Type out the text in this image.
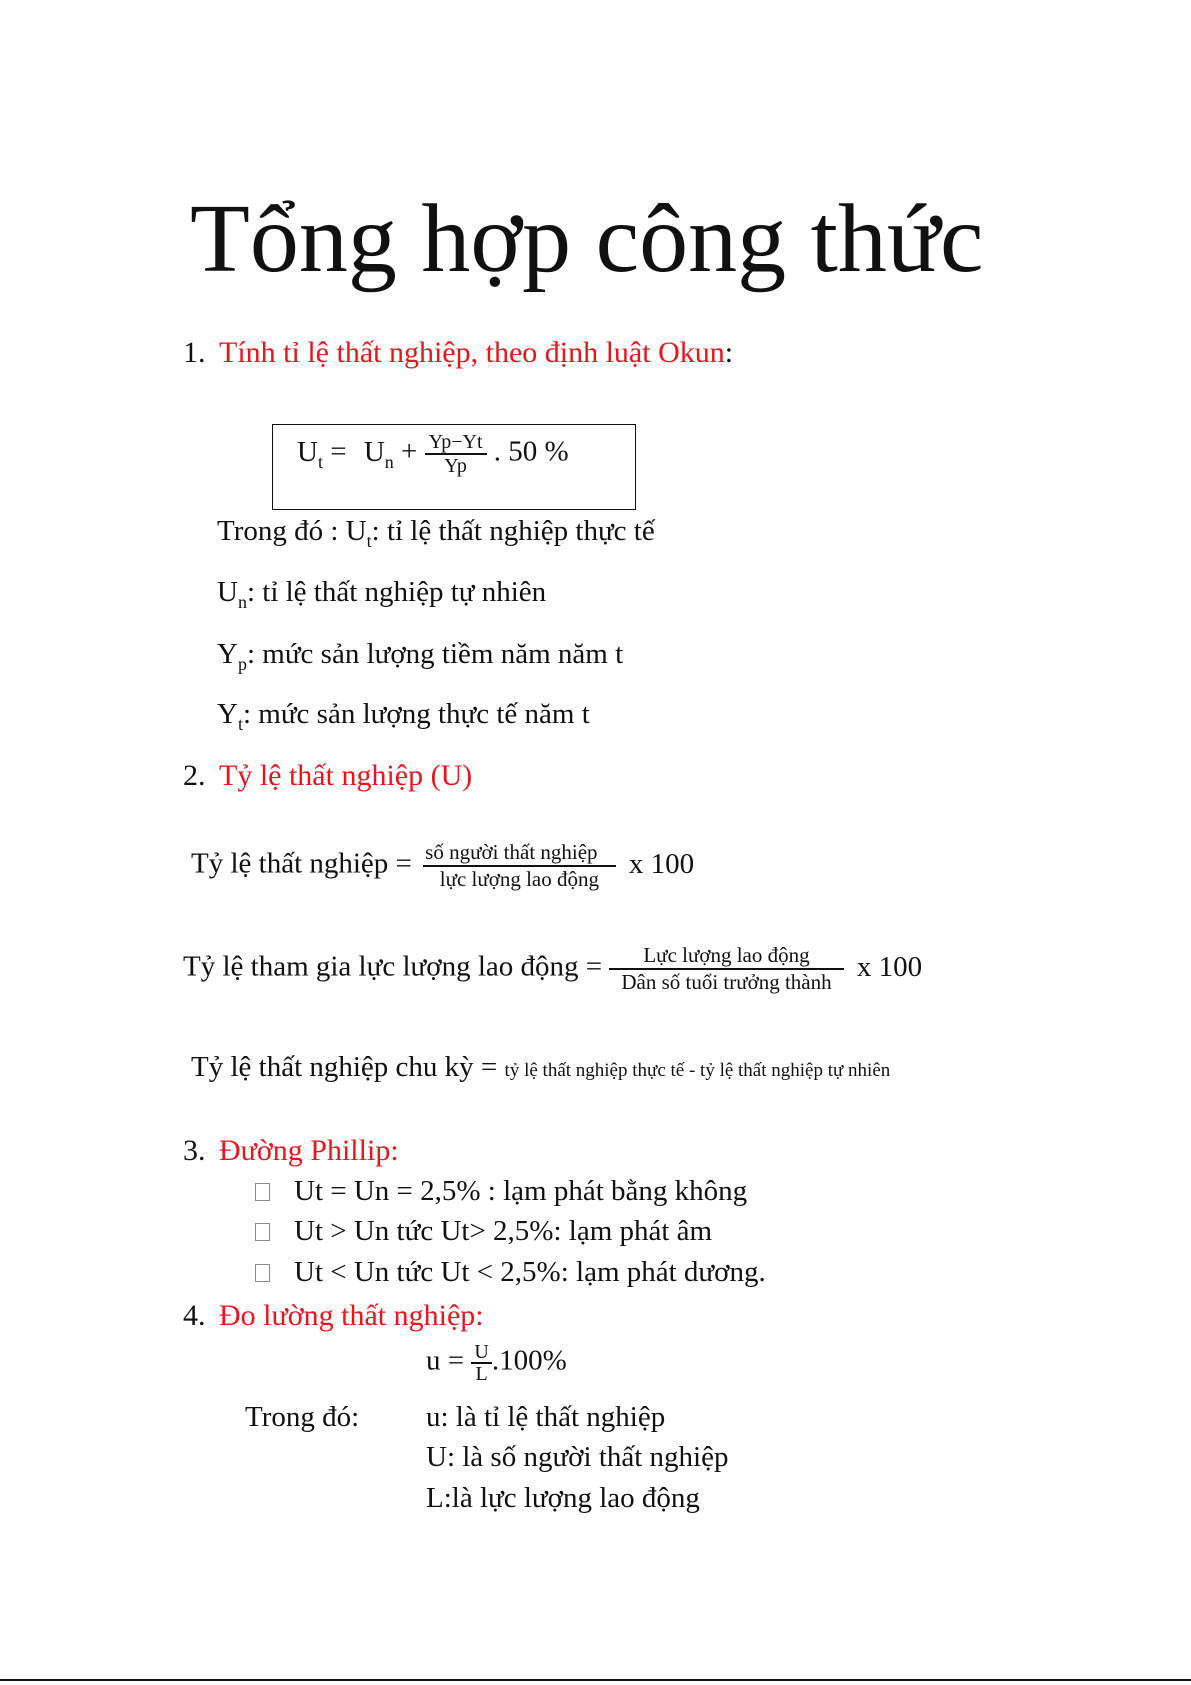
Tổng hợp công thức
1. Tính tỉ lệ thất nghiệp, theo định luật Okun:
$U_t = U_n + \frac{Yp-Yt}{Yp}$ . 50 %
Trong đó : $U_t$: tỉ lệ thất nghiệp thực tế
$U_n$: tỉ lệ thất nghiệp tự nhiên
$Y_p$: mức sản lượng tiềm năm năm t
$Y_t$: mức sản lượng thực tế năm t
2. Tỷ lệ thất nghiệp (U)
Tỷ lệ thất nghiệp = $\frac{\text{số người thất nghiệp}}{\text{lực lượng lao động}}$ x 100
Tỷ lệ tham gia lực lượng lao động = $\frac{\text{Lực lượng lao động}}{\text{Dân số tuổi trưởng thành}}$ x 100
Tỷ lệ thất nghiệp chu kỳ = tỷ lệ thất nghiệp thực tế - tỷ lệ thất nghiệp tự nhiên
3. Đường Phillip:
Ut = Un = 2,5% : lạm phát bằng không
Ut > Un tức Ut> 2,5%: lạm phát âm
Ut < Un tức Ut < 2,5%: lạm phát dương.
4. Đo lường thất nghiệp:
$u = \frac{U}{L} .100\%$
Trong đó: u: là tỉ lệ thất nghiệp
U: là số người thất nghiệp
L:là lực lượng lao động
